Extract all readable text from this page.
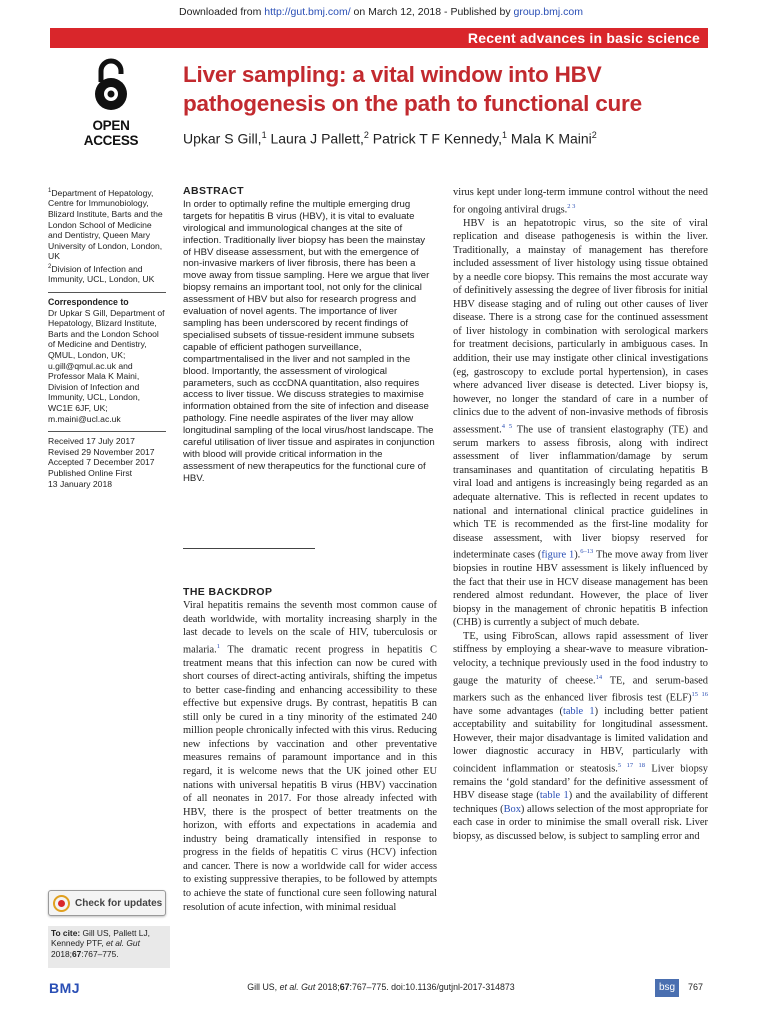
Downloaded from http://gut.bmj.com/ on March 12, 2018 - Published by group.bmj.com
Recent advances in basic science
OPEN ACCESS
Liver sampling: a vital window into HBV pathogenesis on the path to functional cure
Upkar S Gill,$^1$ Laura J Pallett,$^2$ Patrick T F Kennedy,$^1$ Mala K Maini$^2$

$^1$Department of Hepatology, Centre for Immunobiology, Blizard Institute, Barts and the London School of Medicine and Dentistry, Queen Mary University of London, London, UK

$^2$Division of Infection and Immunity, UCL, London, UK

Correspondence to

Dr Upkar S Gill, Department of Hepatology, Blizard Institute, Barts and the London School of Medicine and Dentistry, QMUL, London, UK; u.gill@qmul.ac.uk and Professor Mala K Maini, Division of Infection and Immunity, UCL, London, WC1E 6JF, UK; m.maini@ucl.ac.uk

Received 17 July 2017

Revised 29 November 2017

Accepted 7 December 2017

Published Online First

13 January 2018

ABSTRACT

In order to optimally refine the multiple emerging drug targets for hepatitis B virus (HBV), it is vital to evaluate virological and immunological changes at the site of infection. Traditionally liver biopsy has been the mainstay of HBV disease assessment, but with the emergence of non-invasive markers of liver fibrosis, there has been a move away from tissue sampling. Here we argue that liver biopsy remains an important tool, not only for the clinical assessment of HBV but also for research progress and evaluation of novel agents. The importance of liver sampling has been underscored by recent findings of specialised subsets of tissue-resident immune subsets capable of efficient pathogen surveillance, compartmentalised in the liver and not sampled in the blood. Importantly, the assessment of virological parameters, such as cccDNA quantitation, also requires access to liver tissue. We discuss strategies to maximise information obtained from the site of infection and disease pathology. Fine needle aspirates of the liver may allow longitudinal sampling of the local virus/host landscape. The careful utilisation of liver tissue and aspirates in conjunction with blood will provide critical information in the assessment of new therapeutics for the functional cure of HBV.

THE BACKDROP

Viral hepatitis remains the seventh most common cause of death worldwide, with mortality increasing sharply in the last decade to levels on the scale of HIV, tuberculosis or malaria.$^1$ The dramatic recent progress in hepatitis C treatment means that this infection can now be cured with short courses of direct-acting antivirals, shifting the impetus to better case-finding and enhancing accessibility to these effective but expensive drugs. By contrast, hepatitis B can still only be cured in a tiny minority of the estimated 240 million people chronically infected with this virus. Reducing new infections by vaccination and other preventative measures remains of paramount importance and in this regard, it is welcome news that the UK joined other EU nations with universal hepatitis B virus (HBV) vaccination of all neonates in 2017. For those already infected with HBV, there is the prospect of better treatments on the horizon, with efforts and expectations in academia and industry being dramatically intensified in response to progress in the fields of hepatitis C virus (HCV) infection and cancer. There is now a worldwide call for wider access to existing suppressive therapies, to be followed by attempts to achieve the state of functional cure seen following natural resolution of acute infection, with minimal residual

virus kept under long-term immune control without the need for ongoing antiviral drugs.$^{2 3}$

HBV is an hepatotropic virus, so the site of viral replication and disease pathogenesis is within the liver. Traditionally, a mainstay of management has therefore included assessment of liver histology using tissue obtained by a needle core biopsy. This remains the most accurate way of definitively assessing the degree of liver fibrosis for initial HBV disease staging and of ruling out other causes of liver disease. There is a strong case for the continued assessment of liver histology in combination with serological markers for treatment decisions, particularly in ambiguous cases. In addition, their use may instigate other clinical investigations (eg, gastroscopy to exclude portal hypertension), in cases where advanced liver disease is detected. Liver biopsy is, however, no longer the standard of care in a number of clinics due to the advent of non-invasive methods of fibrosis assessment.$^{4 5}$ The use of transient elastography (TE) and serum markers to assess fibrosis, along with indirect assessment of liver inflammation/damage by serum transaminases and quantitation of circulating hepatitis B viral load and antigens is increasingly being regarded as an adequate alternative. This is reflected in recent updates to national and international clinical practice guidelines in which TE is recommended as the first-line modality for disease assessment, with liver biopsy reserved for indeterminate cases (figure 1).$^{6-13}$ The move away from liver biopsies in routine HBV assessment is likely influenced by the fact that their use in HCV disease management has been rendered almost redundant. However, the place of liver biopsy in the management of chronic hepatitis B infection (CHB) is currently a subject of much debate.

TE, using FibroScan, allows rapid assessment of liver stiffness by employing a shear-wave to measure vibration-velocity, a technique previously used in the food industry to gauge the maturity of cheese.$^{14}$ TE, and serum-based markers such as the enhanced liver fibrosis test (ELF)$^{15 16}$ have some advantages (table 1) including better patient acceptability and suitability for longitudinal assessment. However, their major disadvantage is limited validation and lower diagnostic accuracy in HBV, particularly with coincident inflammation or steatosis.$^{5 17 18}$ Liver biopsy remains the ‘gold standard’ for the definitive assessment of HBV disease stage (table 1) and the availability of different techniques (Box) allows selection of the most appropriate for each case in order to minimise the small overall risk. Liver biopsy, as discussed below, is subject to sampling error and

Check for updates
To cite: Gill US, Pallett LJ, Kennedy PTF, et al. Gut 2018;67:767–775.
BMJ	Gill US, et al. Gut 2018;67:767–775. doi:10.1136/gutjnl-2017-314873	bsg	767
